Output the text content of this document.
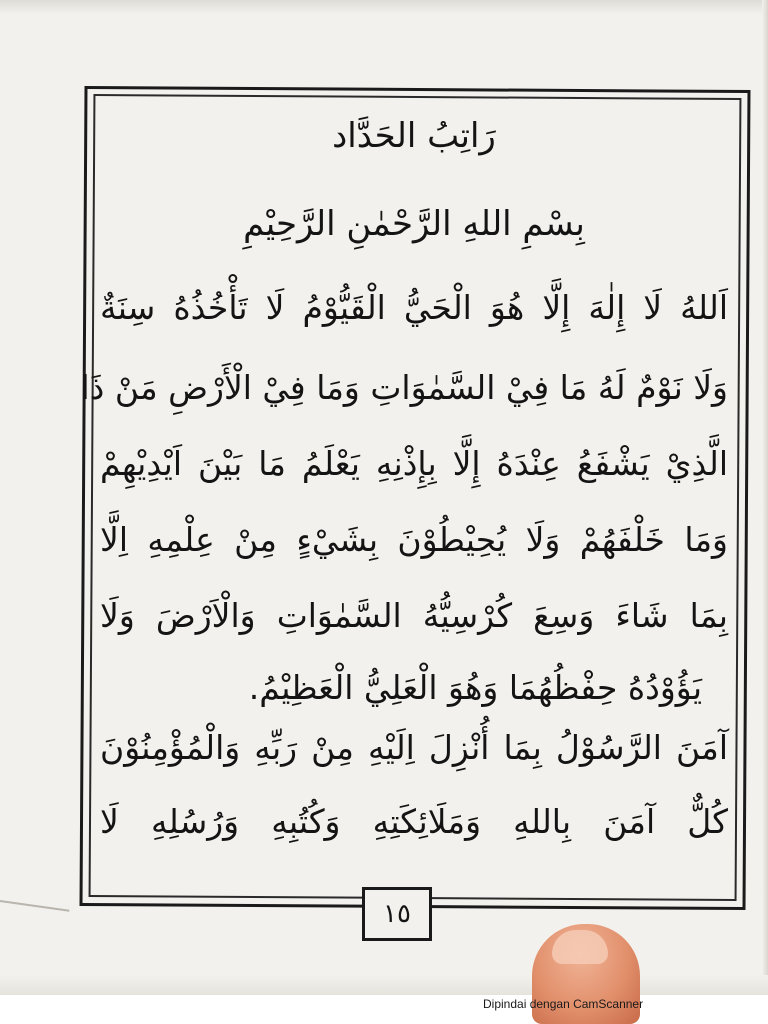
رَاتِبُ الحَدَّاد
بِسْمِ اللهِ الرَّحْمٰنِ الرَّحِيْمِ
اَللهُ لَا إِلٰهَ إِلَّا هُوَ الْحَيُّ الْقَيُّوْمُ لَا تَأْخُذُهُ سِنَةٌ
وَلَا نَوْمٌ لَهُ مَا فِيْ السَّمٰوَاتِ وَمَا فِيْ الْأَرْضِ مَنْ ذَا
الَّذِيْ يَشْفَعُ عِنْدَهُ إِلَّا بِإِذْنِهِ يَعْلَمُ مَا بَيْنَ اَيْدِيْهِمْ
وَمَا خَلْفَهُمْ وَلَا يُحِيْطُوْنَ بِشَيْءٍ مِنْ عِلْمِهِ اِلَّا
بِمَا شَاءَ وَسِعَ كُرْسِيُّهُ السَّمٰوَاتِ وَالْاَرْضَ وَلَا
يَؤُوْدُهُ حِفْظُهُمَا وَهُوَ الْعَلِيُّ الْعَظِيْمُ.
آمَنَ الرَّسُوْلُ بِمَا أُنْزِلَ اِلَيْهِ مِنْ رَبِّهِ وَالْمُؤْمِنُوْنَ
كُلٌّ آمَنَ بِاللهِ وَمَلَائِكَتِهِ وَكُتُبِهِ وَرُسُلِهِ لَا
١٥
Dipindai dengan CamScanner
